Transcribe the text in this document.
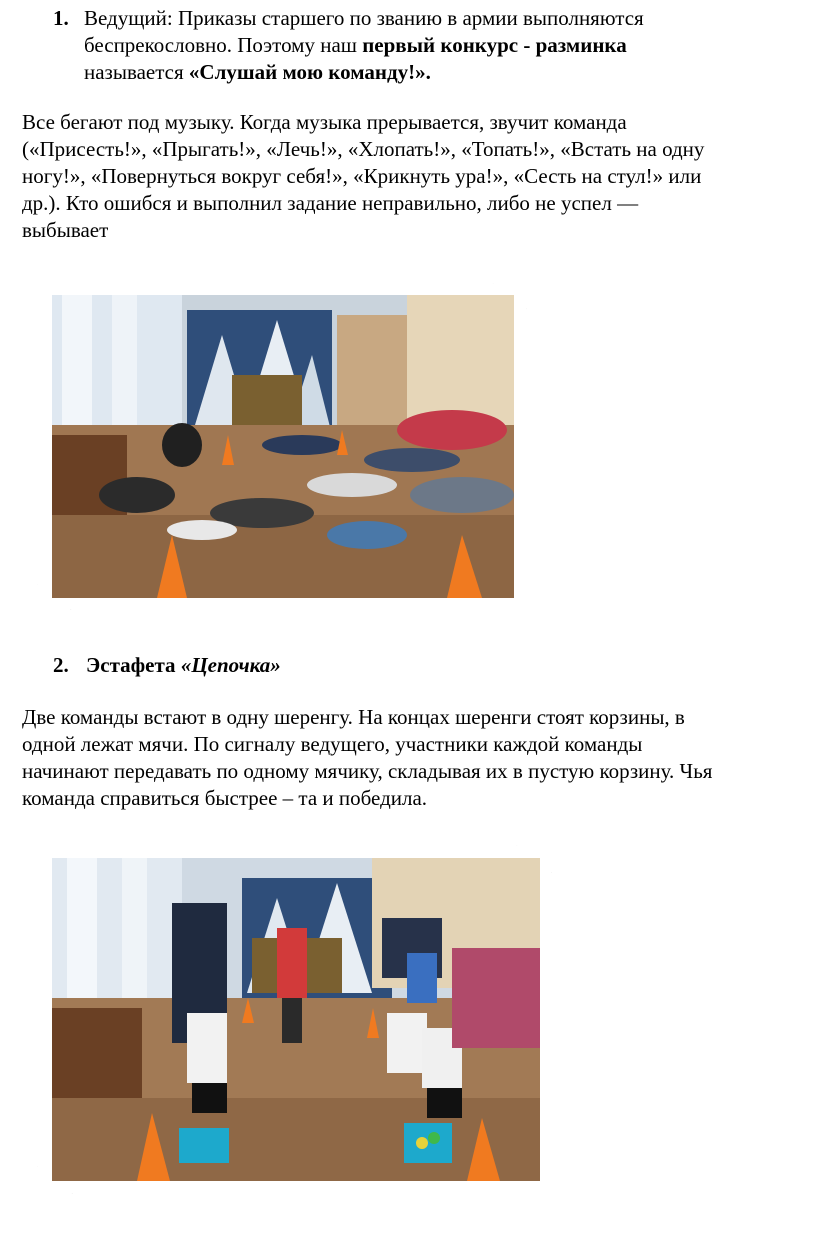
1. Ведущий: Приказы старшего по званию в армии выполняются
беспрекословно. Поэтому наш первый конкурс - разминка
называется «Слушай мою команду!».
Все бегают под музыку. Когда музыка прерывается, звучит команда
(«Присесть!», «Прыгать!», «Лечь!», «Хлопать!», «Топать!», «Встать на одну
ногу!», «Повернуться вокруг себя!», «Крикнуть ура!», «Сесть на стул!» или
др.). Кто ошибся и выполнил задание неправильно, либо не успел —
выбывает
2. Эстафета «Цепочка»
Две команды встают в одну шеренгу. На концах шеренги стоят корзины, в
одной лежат мячи. По сигналу ведущего, участники каждой команды
начинают передавать по одному мячику, складывая их в пустую корзину. Чья
команда справиться быстрее – та и победила.
